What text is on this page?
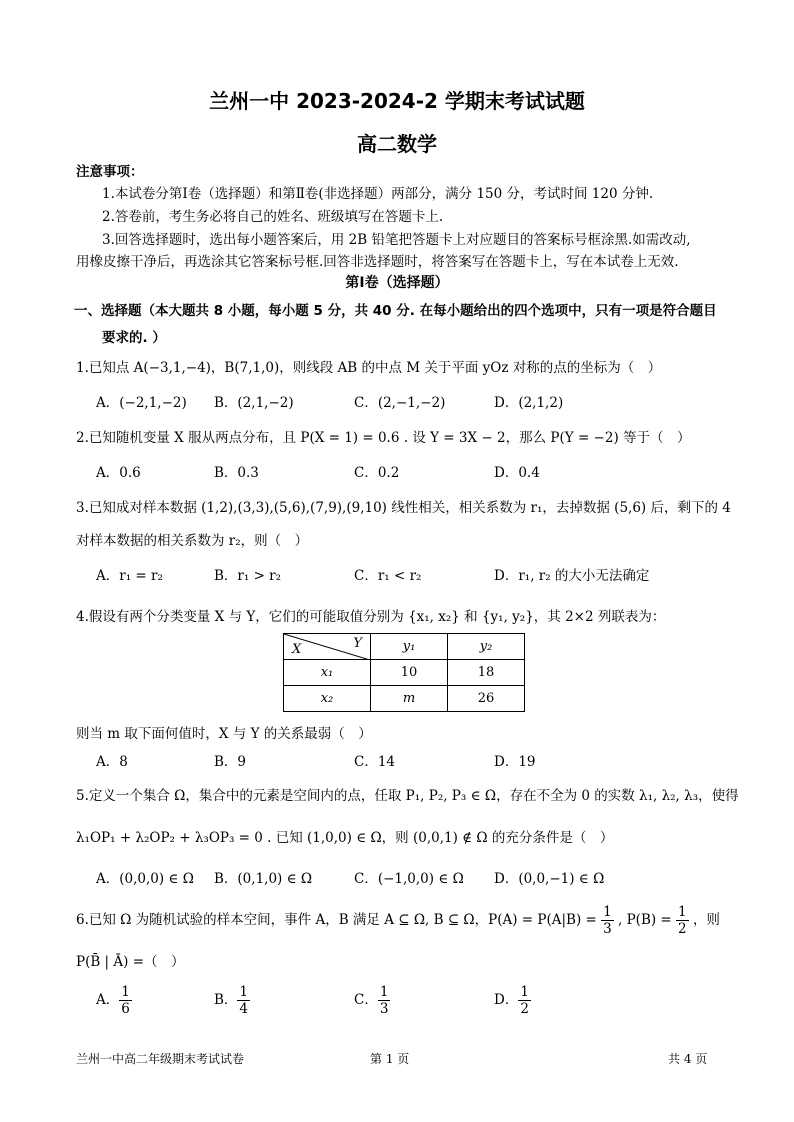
兰州一中 2023-2024-2 学期末考试试题
高二数学
注意事项：
1.本试卷分第Ⅰ卷（选择题）和第Ⅱ卷(非选择题）两部分，满分 150 分，考试时间 120 分钟.
2.答卷前，考生务必将自己的姓名、班级填写在答题卡上.
3.回答选择题时，选出每小题答案后，用 2B 铅笔把答题卡上对应题目的答案标号框涂黑.如需改动,
用橡皮擦干净后，再选涂其它答案标号框.回答非选择题时，将答案写在答题卡上，写在本试卷上无效.
第Ⅰ卷（选择题）
一、选择题（本大题共 8 小题，每小题 5 分，共 40 分. 在每小题给出的四个选项中，只有一项是符合题目
要求的. ）
1.已知点 A(−3,1,−4)，B(7,1,0)，则线段 AB 的中点 M 关于平面 yOz 对称的点的坐标为（　）
A．(−2,1,−2) B．(2,1,−2)	C．(2,−1,−2)	D．(2,1,2)
2.已知随机变量 X 服从两点分布，且 P(X = 1) = 0.6 . 设 Y = 3X − 2，那么 P(Y = −2) 等于（　）
A．0.6	B．0.3	C．0.2	D．0.4
3.已知成对样本数据 (1,2),(3,3),(5,6),(7,9),(9,10) 线性相关，相关系数为 r₁，去掉数据 (5,6) 后，剩下的 4
对样本数据的相关系数为 r₂，则（　）
A．r₁ = r₂	B．r₁ > r₂	C．r₁ < r₂	D．r₁, r₂ 的大小无法确定
4.假设有两个分类变量 X 与 Y，它们的可能取值分别为 {x₁, x₂} 和 {y₁, y₂}，其 2×2 列联表为：
X Y	y₁	y₂
x₁	10	18
x₂	m	26
则当 m 取下面何值时，X 与 Y 的关系最弱（　）
A．8	B．9	C．14	D．19
5.定义一个集合 Ω，集合中的元素是空间内的点，任取 P₁, P₂, P₃ ∈ Ω，存在不全为 0 的实数 λ₁, λ₂, λ₃，使得
λ₁OP₁ + λ₂OP₂ + λ₃OP₃ = 0 . 已知 (1,0,0) ∈ Ω，则 (0,0,1) ∉ Ω 的充分条件是（　）
A．(0,0,0) ∈ Ω B．(0,1,0) ∈ Ω	C．(−1,0,0) ∈ Ω D．(0,0,−1) ∈ Ω
6.已知 Ω 为随机试验的样本空间，事件 A，B 满足 A ⊆ Ω, B ⊆ Ω，$P(A) = P(A|B) = \frac{1}{3}$ , $P(B) = \frac{1}{2}$ ，则
P(B̄ | Ā) =（　）
A． $\frac{1}{6}$	B． $\frac{1}{4}$	C． $\frac{1}{3}$	D． $\frac{1}{2}$
兰州一中高二年级期末考试试卷	第 1 页	共 4 页
